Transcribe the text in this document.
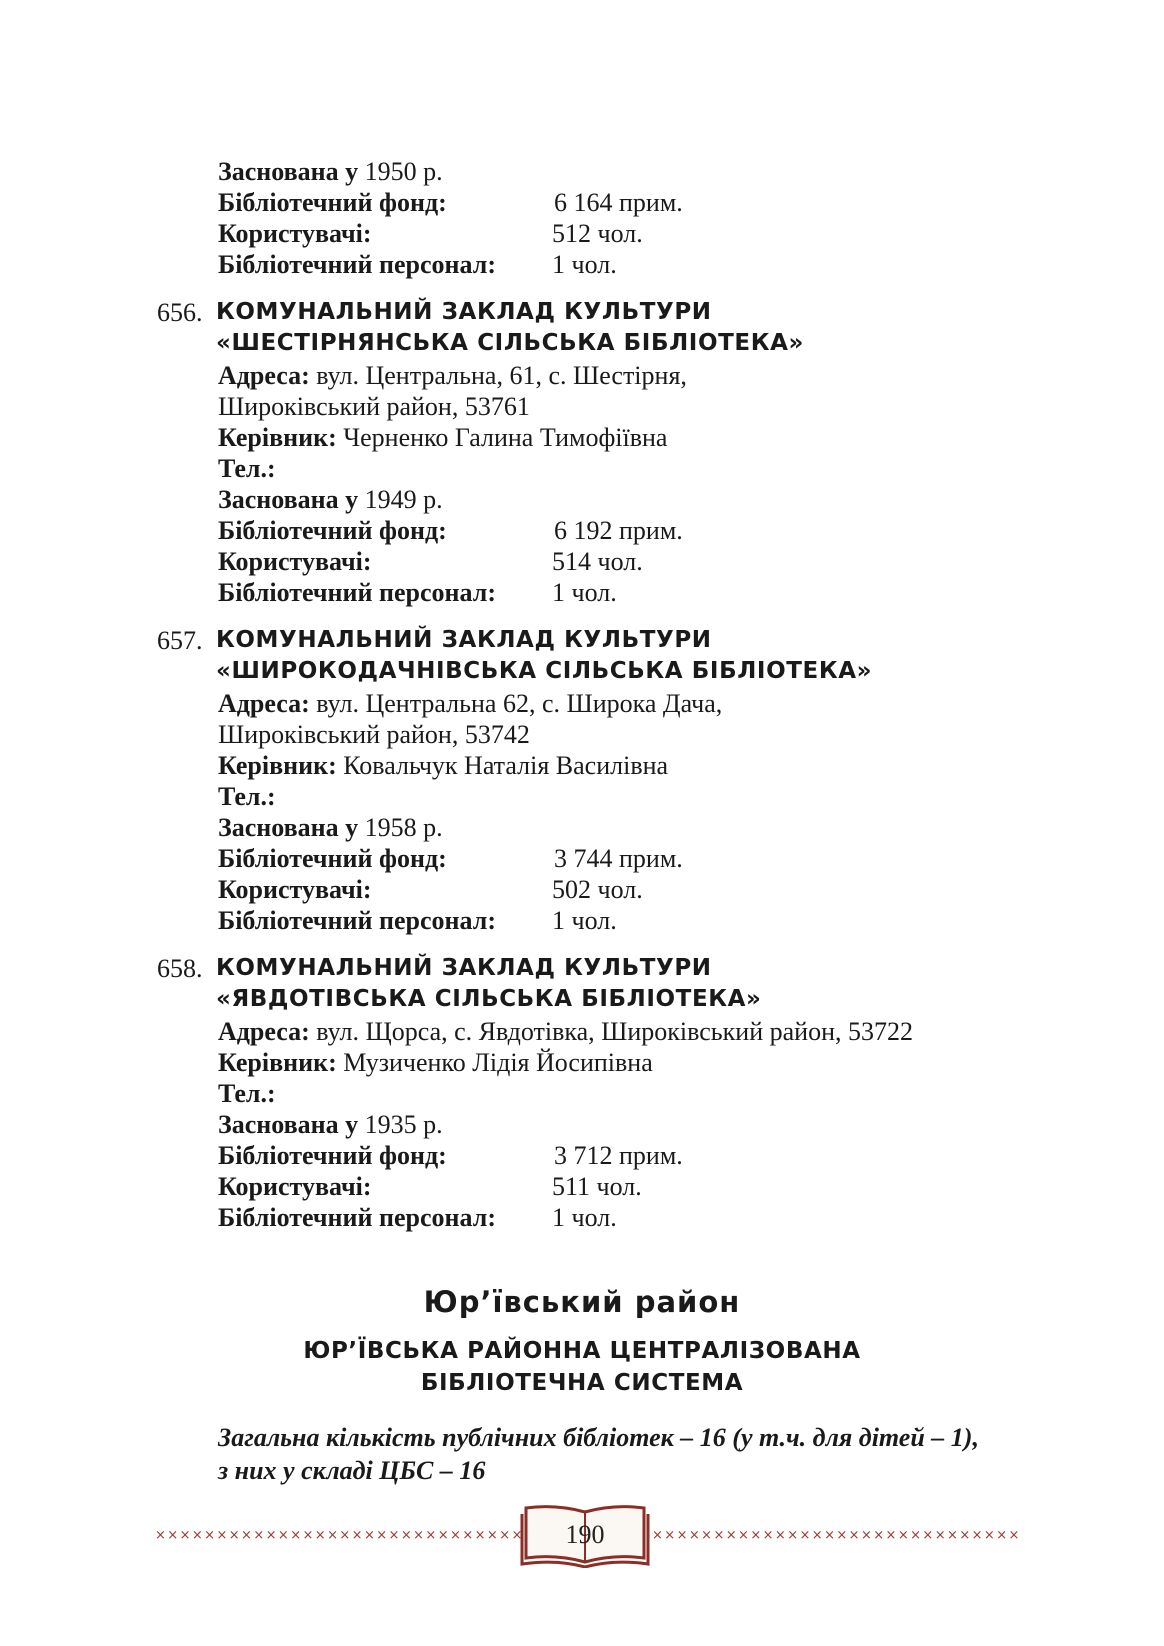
Заснована у 1950 р.
Бібліотечний фонд:	6 164 прим.
Користувачі:	512 чол.
Бібліотечний персонал: 1 чол.
656. КОМУНАЛЬНИЙ ЗАКЛАД КУЛЬТУРИ
«ШЕСТІРНЯНСЬКА СІЛЬСЬКА БІБЛІОТЕКА»
Адреса: вул. Центральна, 61, с. Шестірня,
Широківський район, 53761
Керівник: Черненко Галина Тимофіївна
Тел.:
Заснована у 1949 р.
Бібліотечний фонд:	6 192 прим.
Користувачі:	514 чол.
Бібліотечний персонал: 1 чол.
657. КОМУНАЛЬНИЙ ЗАКЛАД КУЛЬТУРИ
«ШИРОКОДАЧНІВСЬКА СІЛЬСЬКА БІБЛІОТЕКА»
Адреса: вул. Центральна 62, с. Широка Дача,
Широківський район, 53742
Керівник: Ковальчук Наталія Василівна
Тел.:
Заснована у 1958 р.
Бібліотечний фонд:	3 744 прим.
Користувачі:	502 чол.
Бібліотечний персонал: 1 чол.
658. КОМУНАЛЬНИЙ ЗАКЛАД КУЛЬТУРИ
«ЯВДОТІВСЬКА СІЛЬСЬКА БІБЛІОТЕКА»
Адреса: вул. Щорса, с. Явдотівка, Широківський район, 53722
Керівник: Музиченко Лідія Йосипівна
Тел.:
Заснована у 1935 р.
Бібліотечний фонд:	3 712 прим.
Користувачі:	511 чол.
Бібліотечний персонал: 1 чол.
Юр’ївський район
ЮР’ЇВСЬКА РАЙОННА ЦЕНТРАЛІЗОВАНА
БІБЛІОТЕЧНА СИСТЕМА
Загальна кількість публічних бібліотек – 16 (у т.ч. для дітей – 1),
з них у складі ЦБС – 16
××××××××××××××××××××××××××××××	××××××××××××××××××××××××××××××
190
